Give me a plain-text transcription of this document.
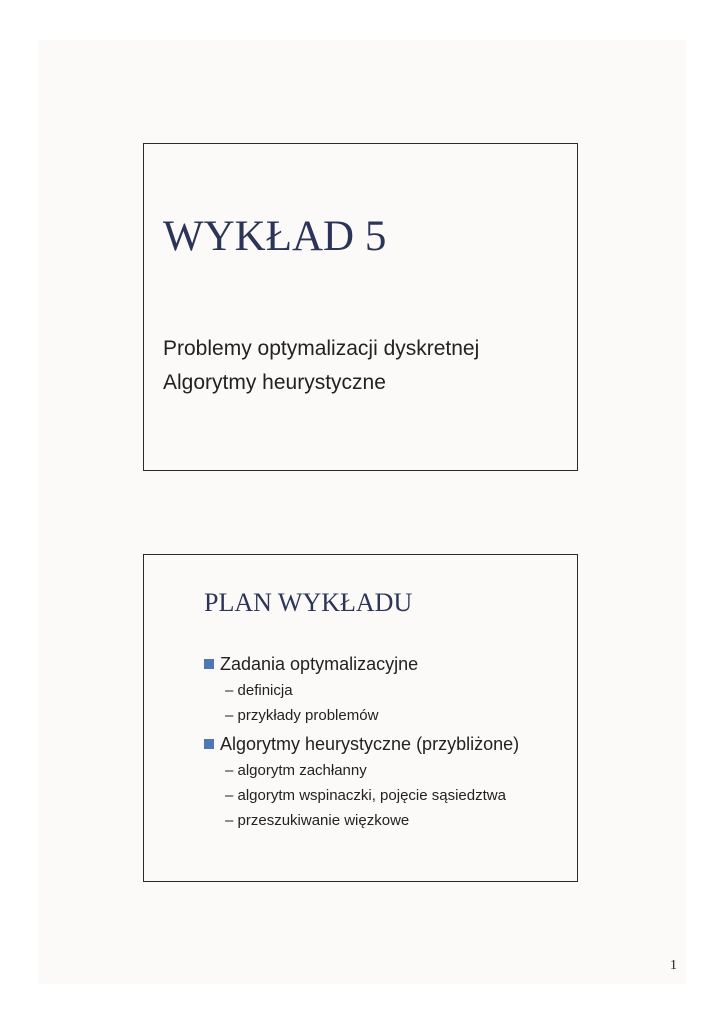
WYKŁAD 5
Problemy optymalizacji dyskretnej
Algorytmy heurystyczne
PLAN WYKŁADU
Zadania optymalizacyjne
– definicja
– przykłady problemów
Algorytmy heurystyczne (przybliżone)
– algorytm zachłanny
– algorytm wspinaczki, pojęcie sąsiedztwa
– przeszukiwanie więzkowe
1
